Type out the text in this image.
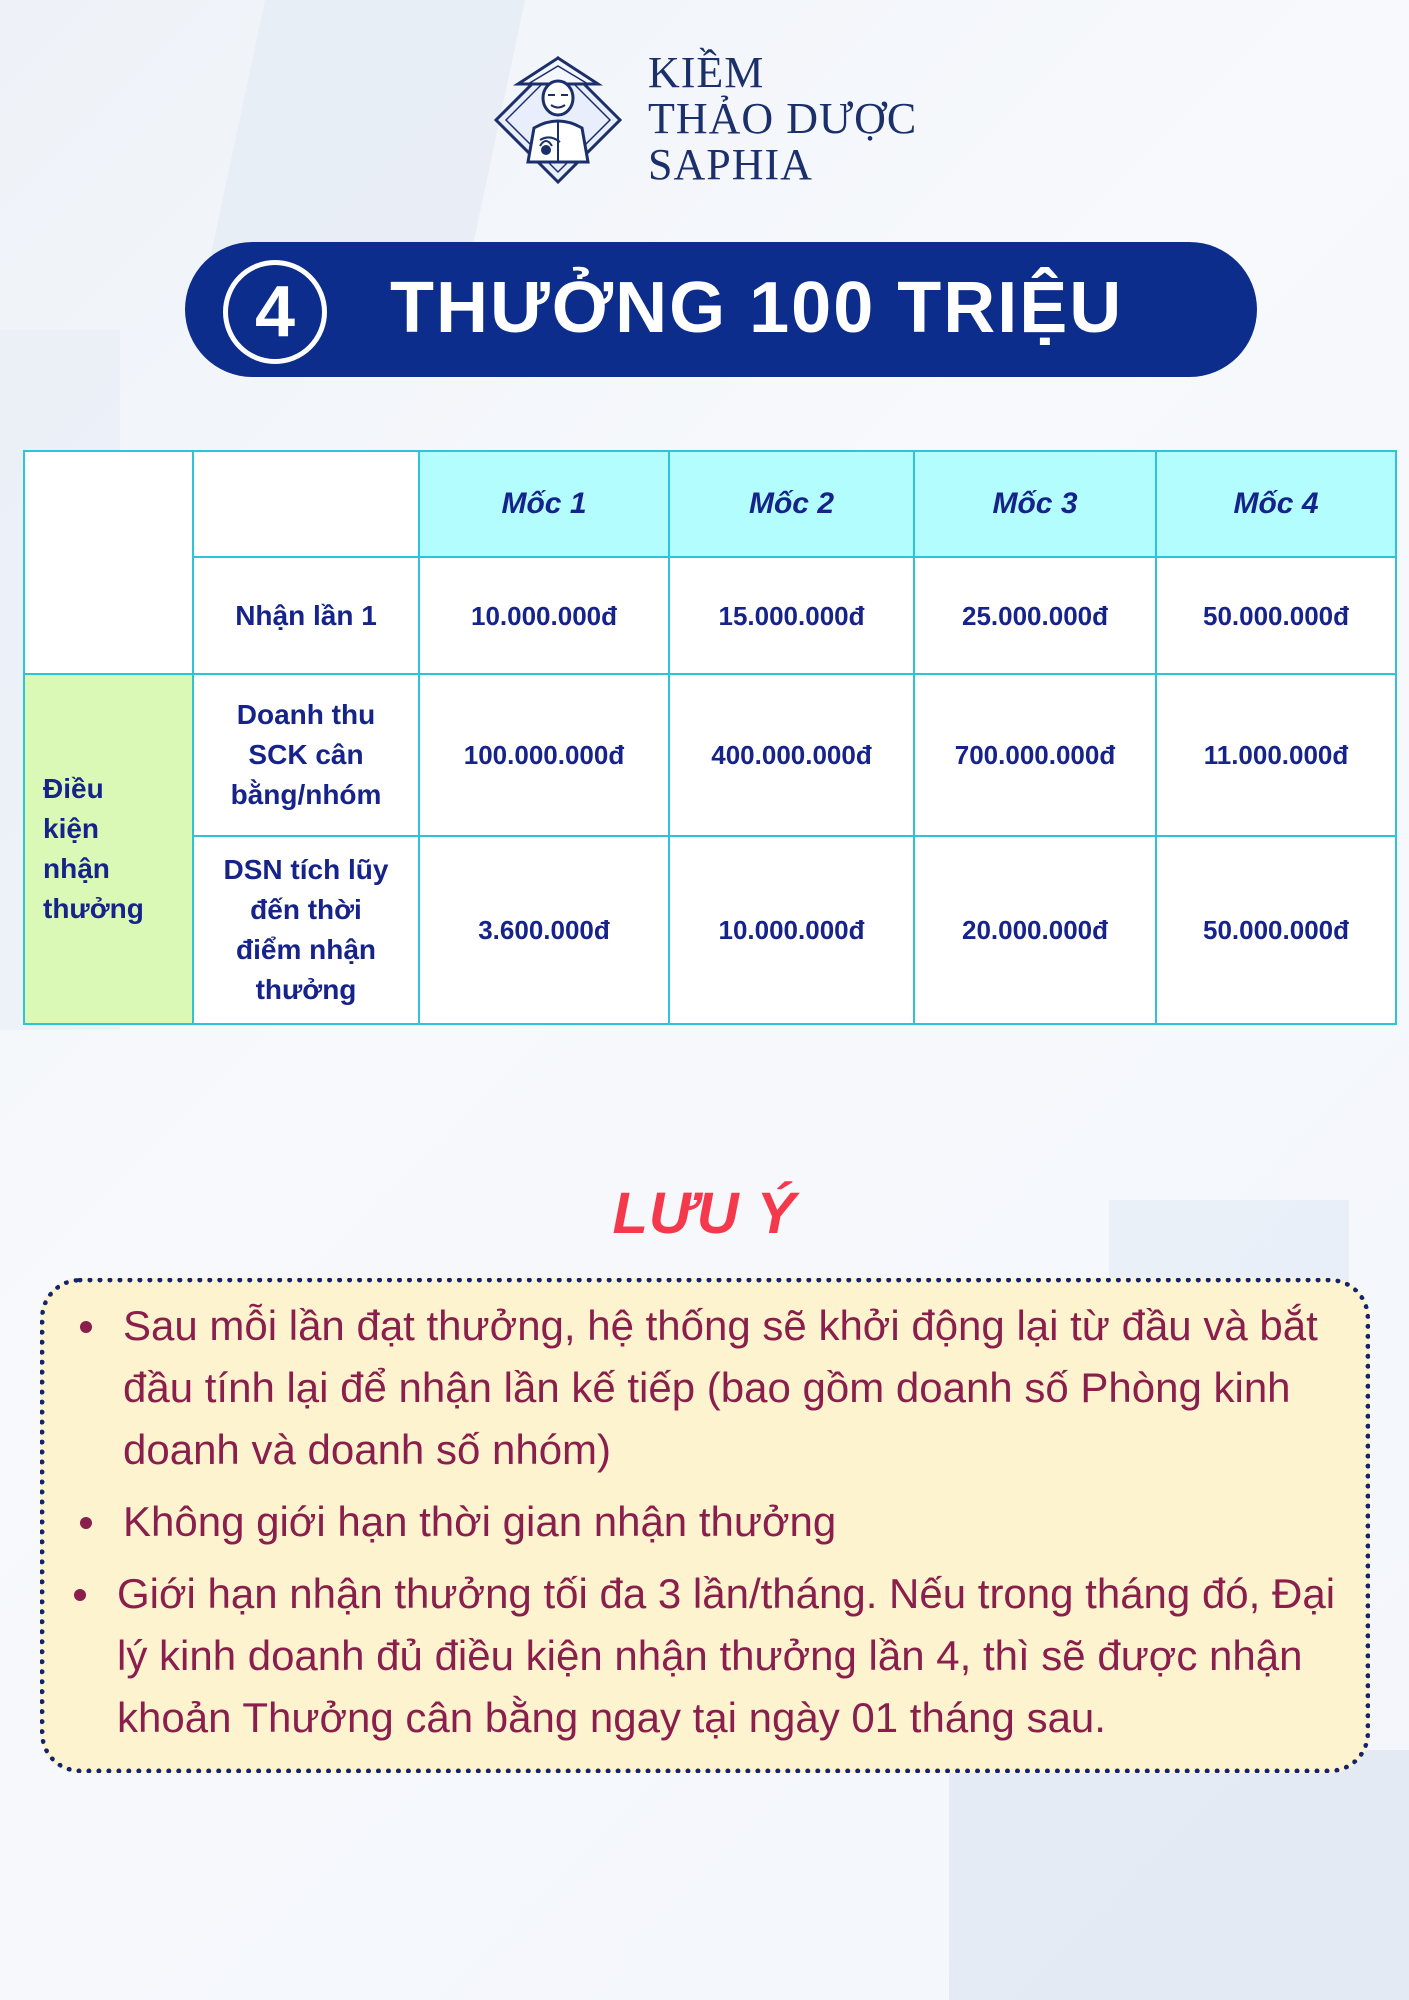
KIỀM
THẢO DƯỢC
SAPHIA
4	THƯỞNG 100 TRIỆU
		Mốc 1	Mốc 2	Mốc 3	Mốc 4
	Nhận lần 1	10.000.000đ	15.000.000đ	25.000.000đ	50.000.000đ

Điều
kiện
nhận
thưởng	Doanh thu
SCK cân
bằng/nhóm	100.000.000đ	400.000.000đ	700.000.000đ	11.000.000đ

	DSN tích lũy
đến thời
điểm nhận
thưởng	3.600.000đ	10.000.000đ	20.000.000đ	50.000.000đ
LƯU Ý
Sau mỗi lần đạt thưởng, hệ thống sẽ khởi động lại từ đầu và bắt
đầu tính lại để nhận lần kế tiếp (bao gồm doanh số Phòng kinh
doanh và doanh số nhóm)
Không giới hạn thời gian nhận thưởng
Giới hạn nhận thưởng tối đa 3 lần/tháng. Nếu trong tháng đó, Đại
lý kinh doanh đủ điều kiện nhận thưởng lần 4, thì sẽ được nhận
khoản Thưởng cân bằng ngay tại ngày 01 tháng sau.
